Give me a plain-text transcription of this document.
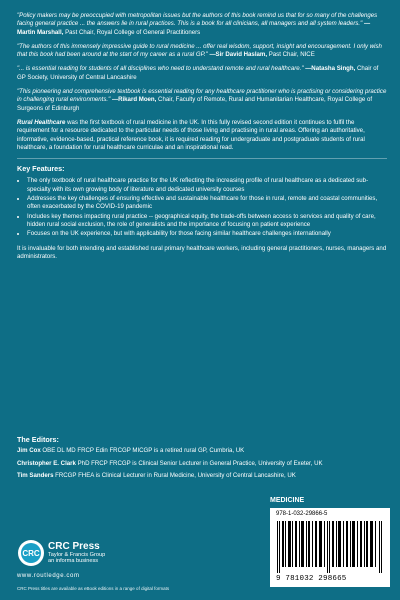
"Policy makers may be preoccupied with metropolitan issues but the authors of this book remind us that for so many of the challenges facing general practice ... the answers lie in rural practices. This is a book for all clinicians, all managers and all system leaders." —Martin Marshall, Past Chair, Royal College of General Practitioners
"The authors of this immensely impressive guide to rural medicine ... offer real wisdom, support, insight and encouragement. I only wish that this book had been around at the start of my career as a rural GP." —Sir David Haslam, Past Chair, NICE
"... is essential reading for students of all disciplines who need to understand remote and rural healthcare." —Natasha Singh, Chair of GP Society, University of Central Lancashire
"This pioneering and comprehensive textbook is essential reading for any healthcare practitioner who is practising or considering practice in challenging rural environments." —Rikard Moen, Chair, Faculty of Remote, Rural and Humanitarian Healthcare, Royal College of Surgeons of Edinburgh
Rural Healthcare was the first textbook of rural medicine in the UK. In this fully revised second edition it continues to fulfil the requirement for a resource dedicated to the particular needs of those living and practising in rural areas. Offering an authoritative, informative, evidence-based, practical reference book, it is required reading for undergraduate and postgraduate students of rural healthcare, a foundation for rural healthcare curriculae and an inspirational read.
Key Features:
• The only textbook of rural healthcare practice for the UK reflecting the increasing profile of rural healthcare as a dedicated sub-specialty with its own growing body of literature and dedicated university courses
• Addresses the key challenges of ensuring effective and sustainable healthcare for those in rural, remote and coastal communities, often exacerbated by the COVID-19 pandemic
• Includes key themes impacting rural practice -- geographical equity, the trade-offs between access to services and quality of care, hidden rural social exclusion, the role of generalists and the importance of focusing on patient experience
• Focuses on the UK experience, but with applicability for those facing similar healthcare challenges internationally
It is invaluable for both intending and established rural primary healthcare workers, including general practitioners, nurses, managers and administrators.
The Editors:
Jim Cox OBE DL MD FRCP Edin FRCGP MICGP is a retired rural GP, Cumbria, UK
Christopher E. Clark PhD FRCP FRCGP is Clinical Senior Lecturer in General Practice, University of Exeter, UK
Tim Sanders FRCGP FHEA is Clinical Lecturer in Rural Medicine, University of Central Lancashire, UK
MEDICINE
978-1-032-29866-5
9 781032 298665
CRC
CRC Press
Taylor & Francis Group
an informa business
www.routledge.com
CRC Press titles are available as eBook editions in a range of digital formats
